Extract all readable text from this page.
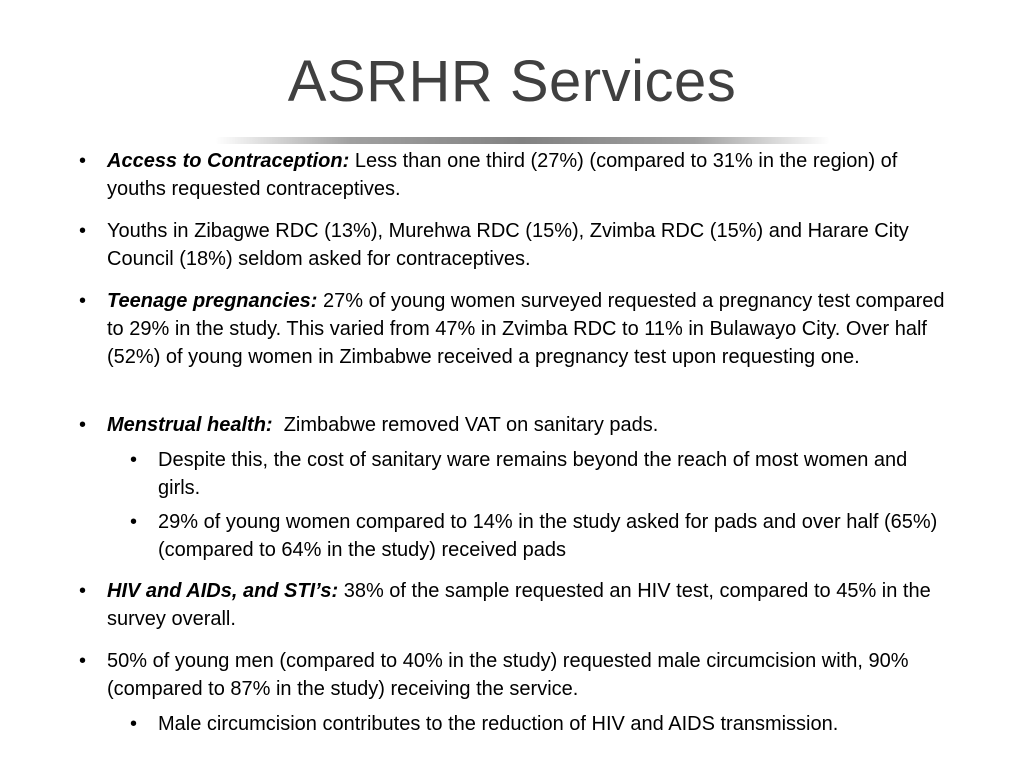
ASRHR Services
• Access to Contraception: Less than one third (27%) (compared to 31% in the region) of youths requested contraceptives.
• Youths in Zibagwe RDC (13%), Murehwa RDC (15%), Zvimba RDC (15%) and Harare City Council (18%) seldom asked for contraceptives.
• Teenage pregnancies: 27% of young women surveyed requested a pregnancy test compared to 29% in the study. This varied from 47% in Zvimba RDC to 11% in Bulawayo City. Over half (52%) of young women in Zimbabwe received a pregnancy test upon requesting one.
• Menstrual health:  Zimbabwe removed VAT on sanitary pads.
• Despite this, the cost of sanitary ware remains beyond the reach of most women and girls.
• 29% of young women compared to 14% in the study asked for pads and over half (65%) (compared to 64% in the study) received pads
• HIV and AIDs, and STI’s: 38% of the sample requested an HIV test, compared to 45% in the survey overall.
• 50% of young men (compared to 40% in the study) requested male circumcision with, 90% (compared to 87% in the study) receiving the service.
• Male circumcision contributes to the reduction of HIV and AIDS transmission.
